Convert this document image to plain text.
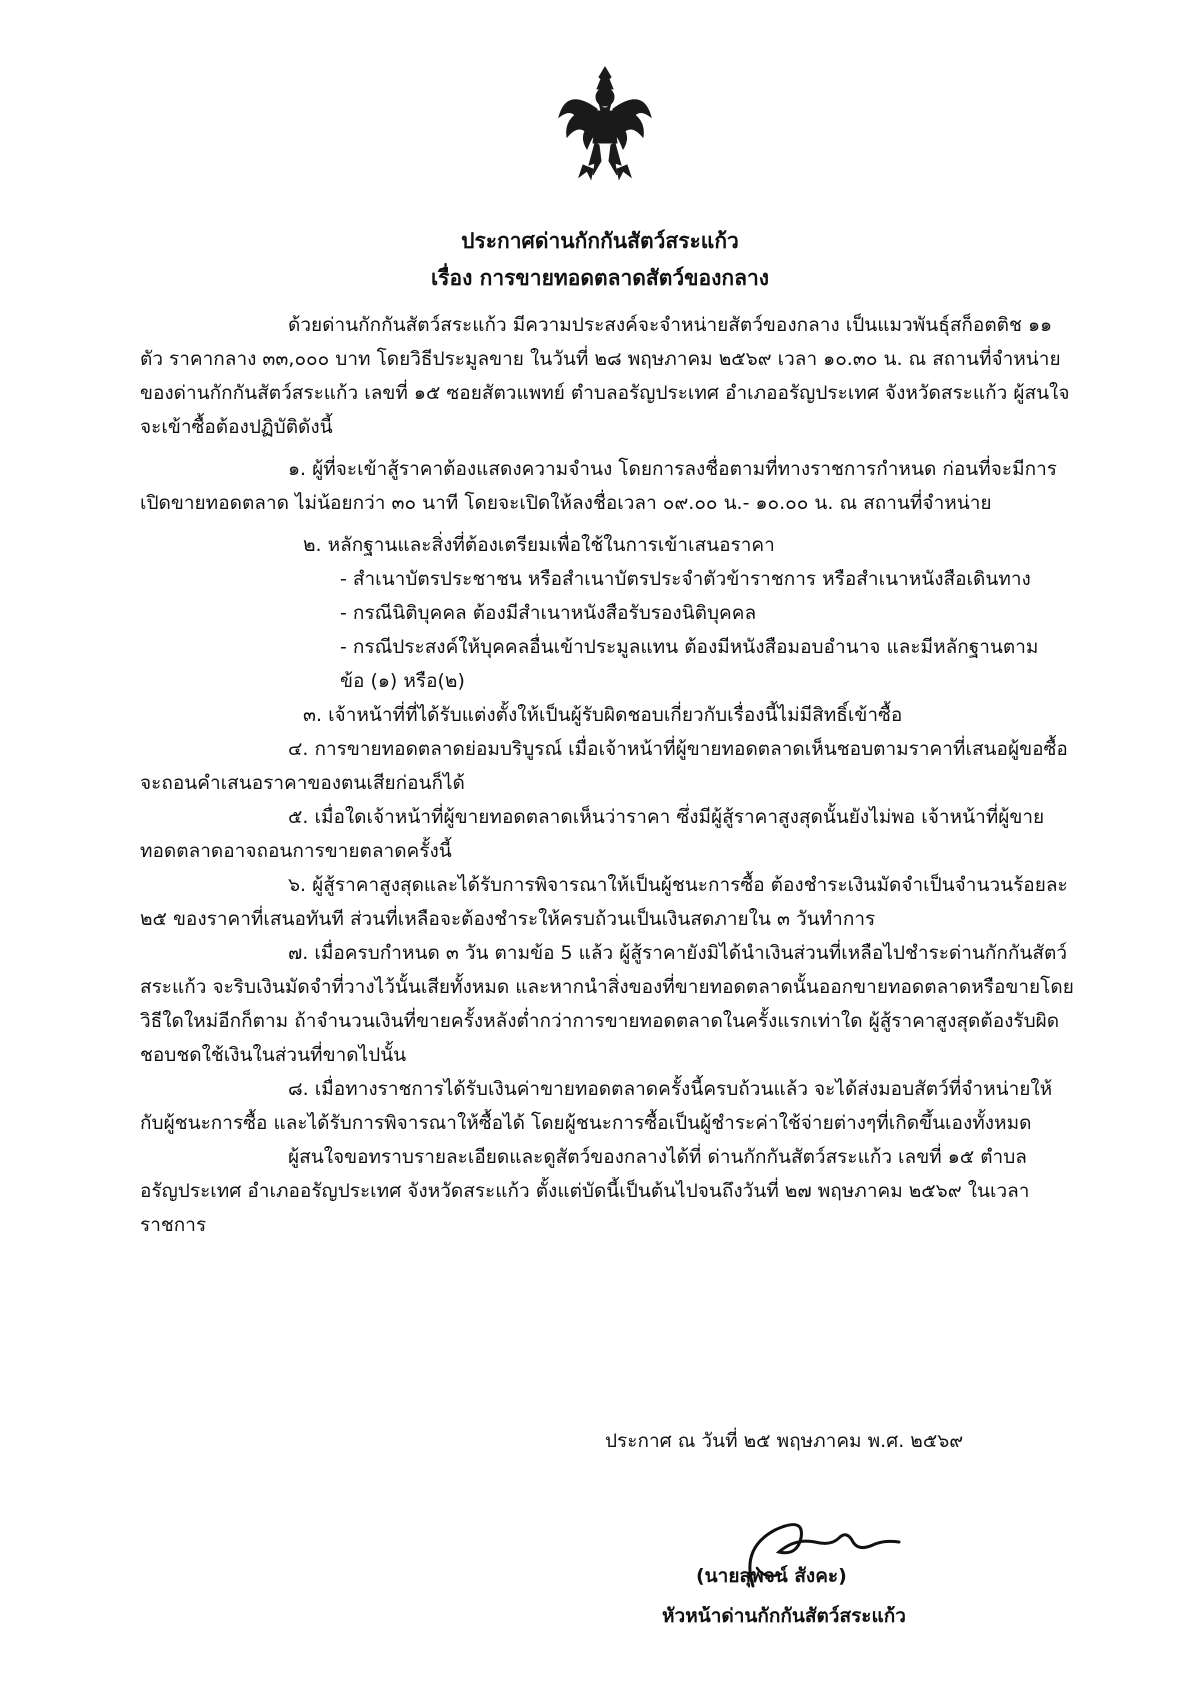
ประกาศด่านกักกันสัตว์สระแก้ว
เรื่อง การขายทอดตลาดสัตว์ของกลาง

ด้วยด่านกักกันสัตว์สระแก้ว มีความประสงค์จะจำหน่ายสัตว์ของกลาง เป็นแมวพันธุ์สก็อตติช ๑๑ ตัว ราคากลาง ๓๓,๐๐๐ บาท โดยวิธีประมูลขาย ในวันที่ ๒๘ พฤษภาคม ๒๕๖๙ เวลา ๑๐.๓๐ น. ณ สถานที่จำหน่ายของด่านกักกันสัตว์สระแก้ว เลขที่ ๑๕ ซอยสัตวแพทย์ ตำบลอรัญประเทศ อำเภออรัญประเทศ จังหวัดสระแก้ว ผู้สนใจจะเข้าซื้อต้องปฏิบัติดังนี้

๑. ผู้ที่จะเข้าสู้ราคาต้องแสดงความจำนง โดยการลงชื่อตามที่ทางราชการกำหนด ก่อนที่จะมีการเปิดขายทอดตลาด ไม่น้อยกว่า ๓๐ นาที โดยจะเปิดให้ลงชื่อเวลา ๐๙.๐๐ น.- ๑๐.๐๐ น. ณ สถานที่จำหน่าย

๒. หลักฐานและสิ่งที่ต้องเตรียมเพื่อใช้ในการเข้าเสนอราคา

- สำเนาบัตรประชาชน หรือสำเนาบัตรประจำตัวข้าราชการ หรือสำเนาหนังสือเดินทาง

- กรณีนิติบุคคล ต้องมีสำเนาหนังสือรับรองนิติบุคคล

- กรณีประสงค์ให้บุคคลอื่นเข้าประมูลแทน ต้องมีหนังสือมอบอำนาจ และมีหลักฐานตาม

ข้อ (๑) หรือ(๒)

๓. เจ้าหน้าที่ที่ได้รับแต่งตั้งให้เป็นผู้รับผิดชอบเกี่ยวกับเรื่องนี้ไม่มีสิทธิ์เข้าซื้อ

๔. การขายทอดตลาดย่อมบริบูรณ์ เมื่อเจ้าหน้าที่ผู้ขายทอดตลาดเห็นชอบตามราคาที่เสนอผู้ขอซื้อจะถอนคำเสนอราคาของตนเสียก่อนก็ได้

๕. เมื่อใดเจ้าหน้าที่ผู้ขายทอดตลาดเห็นว่าราคา ซึ่งมีผู้สู้ราคาสูงสุดนั้นยังไม่พอ เจ้าหน้าที่ผู้ขายทอดตลาดอาจถอนการขายตลาดครั้งนี้

๖. ผู้สู้ราคาสูงสุดและได้รับการพิจารณาให้เป็นผู้ชนะการซื้อ ต้องชำระเงินมัดจำเป็นจำนวนร้อยละ ๒๕ ของราคาที่เสนอทันที ส่วนที่เหลือจะต้องชำระให้ครบถ้วนเป็นเงินสดภายใน ๓ วันทำการ

๗. เมื่อครบกำหนด ๓ วัน ตามข้อ 5 แล้ว ผู้สู้ราคายังมิได้นำเงินส่วนที่เหลือไปชำระด่านกักกันสัตว์สระแก้ว จะริบเงินมัดจำที่วางไว้นั้นเสียทั้งหมด และหากนำสิ่งของที่ขายทอดตลาดนั้นออกขายทอดตลาดหรือขายโดยวิธีใดใหม่อีกก็ตาม ถ้าจำนวนเงินที่ขายครั้งหลังต่ำกว่าการขายทอดตลาดในครั้งแรกเท่าใด ผู้สู้ราคาสูงสุดต้องรับผิดชอบชดใช้เงินในส่วนที่ขาดไปนั้น

๘. เมื่อทางราชการได้รับเงินค่าขายทอดตลาดครั้งนี้ครบถ้วนแล้ว จะได้ส่งมอบสัตว์ที่จำหน่ายให้กับผู้ชนะการซื้อ และได้รับการพิจารณาให้ซื้อได้ โดยผู้ชนะการซื้อเป็นผู้ชำระค่าใช้จ่ายต่างๆที่เกิดขึ้นเองทั้งหมด

ผู้สนใจขอทราบรายละเอียดและดูสัตว์ของกลางได้ที่ ด่านกักกันสัตว์สระแก้ว เลขที่ ๑๕ ตำบลอรัญประเทศ อำเภออรัญประเทศ จังหวัดสระแก้ว ตั้งแต่บัดนี้เป็นต้นไปจนถึงวันที่ ๒๗ พฤษภาคม ๒๕๖๙ ในเวลาราชการ

ประกาศ ณ วันที่ ๒๕ พฤษภาคม พ.ศ. ๒๕๖๙
(นายสุพจน์ สังคะ)
หัวหน้าด่านกักกันสัตว์สระแก้ว
